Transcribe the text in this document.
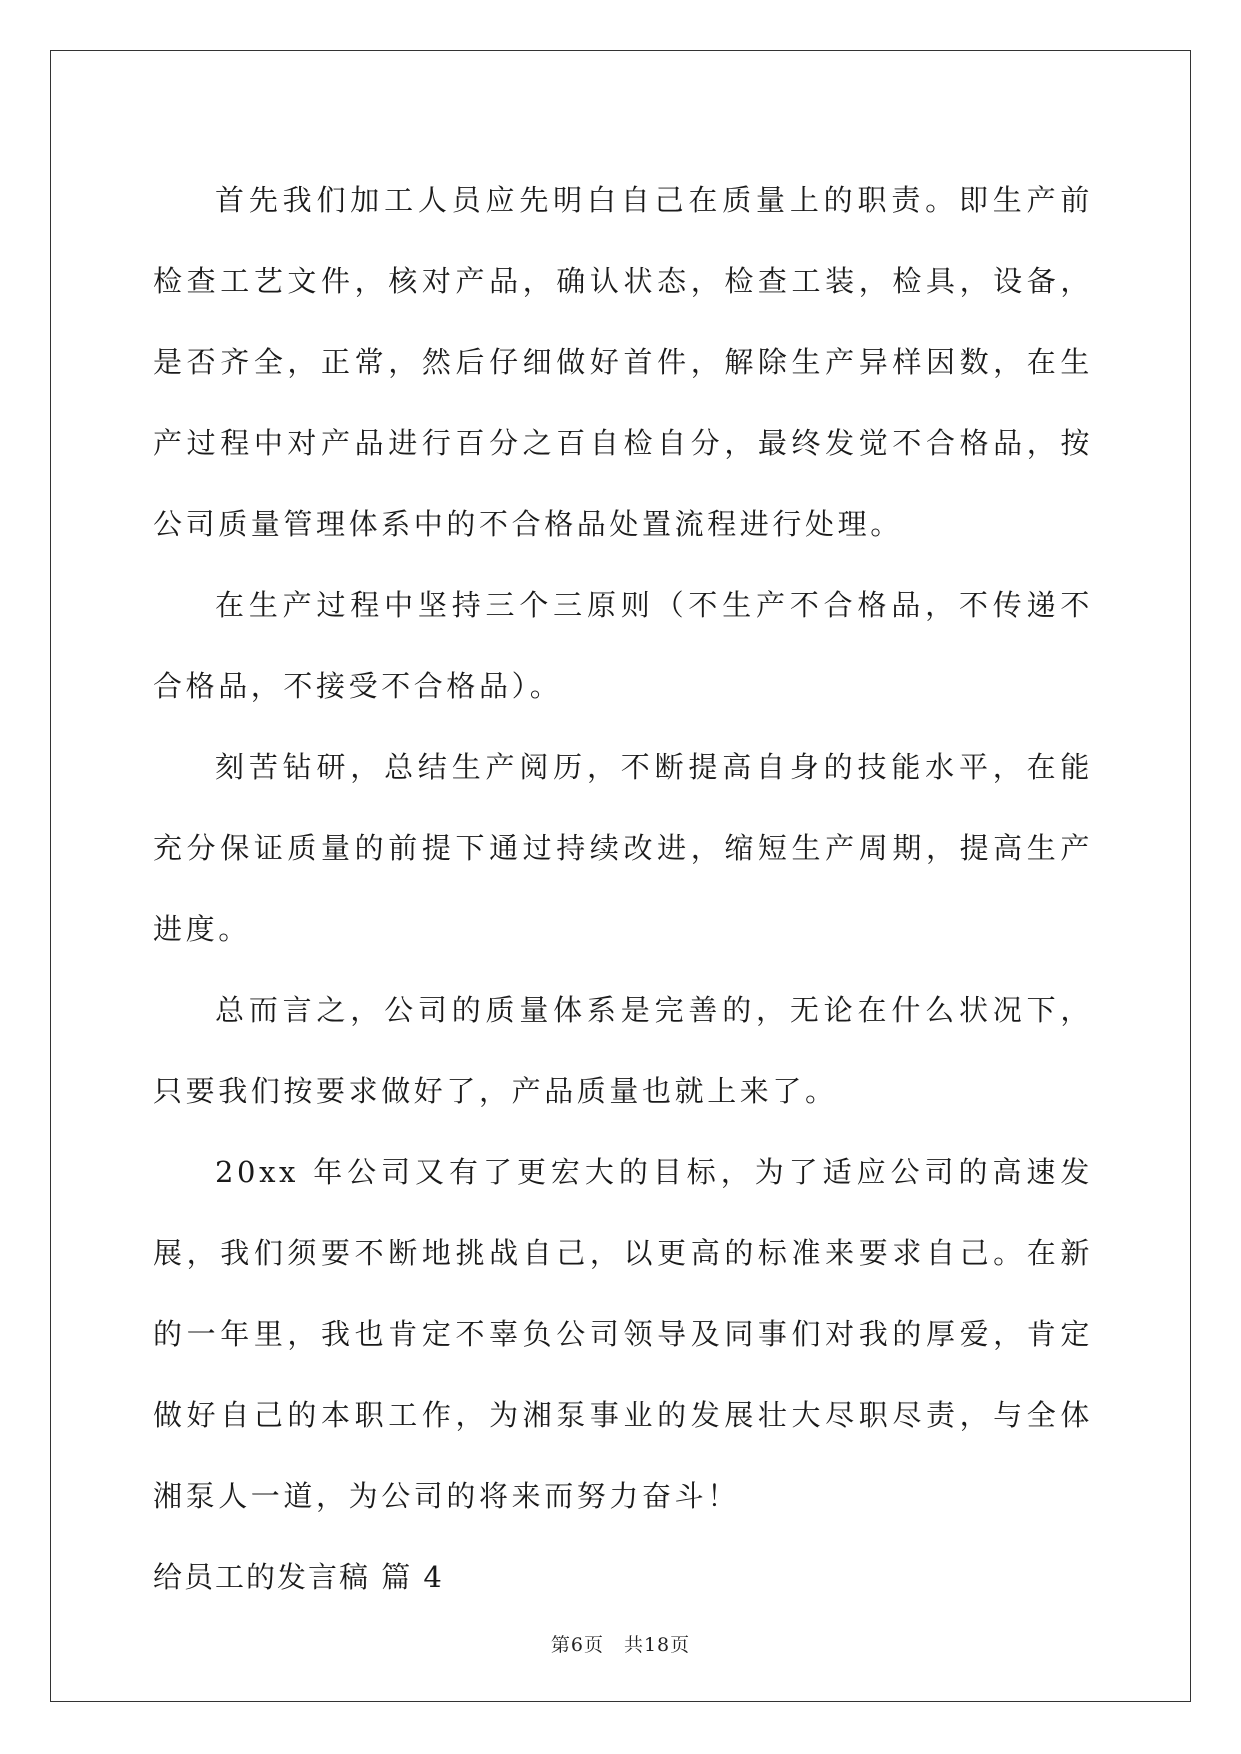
首先我们加工人员应先明白自己在质量上的职责。即生产前检查工艺文件，核对产品，确认状态，检查工装，检具，设备，是否齐全，正常，然后仔细做好首件，解除生产异样因数，在生产过程中对产品进行百分之百自检自分，最终发觉不合格品，按公司质量管理体系中的不合格品处置流程进行处理。

在生产过程中坚持三个三原则（不生产不合格品，不传递不合格品，不接受不合格品）。

刻苦钻研，总结生产阅历，不断提高自身的技能水平，在能充分保证质量的前提下通过持续改进，缩短生产周期，提高生产进度。

总而言之，公司的质量体系是完善的，无论在什么状况下，只要我们按要求做好了，产品质量也就上来了。

20xx 年公司又有了更宏大的目标，为了适应公司的高速发展，我们须要不断地挑战自己，以更高的标准来要求自己。在新的一年里，我也肯定不辜负公司领导及同事们对我的厚爱，肯定做好自己的本职工作，为湘泵事业的发展壮大尽职尽责，与全体湘泵人一道，为公司的将来而努力奋斗！

给员工的发言稿 篇 4

第6页　共18页
